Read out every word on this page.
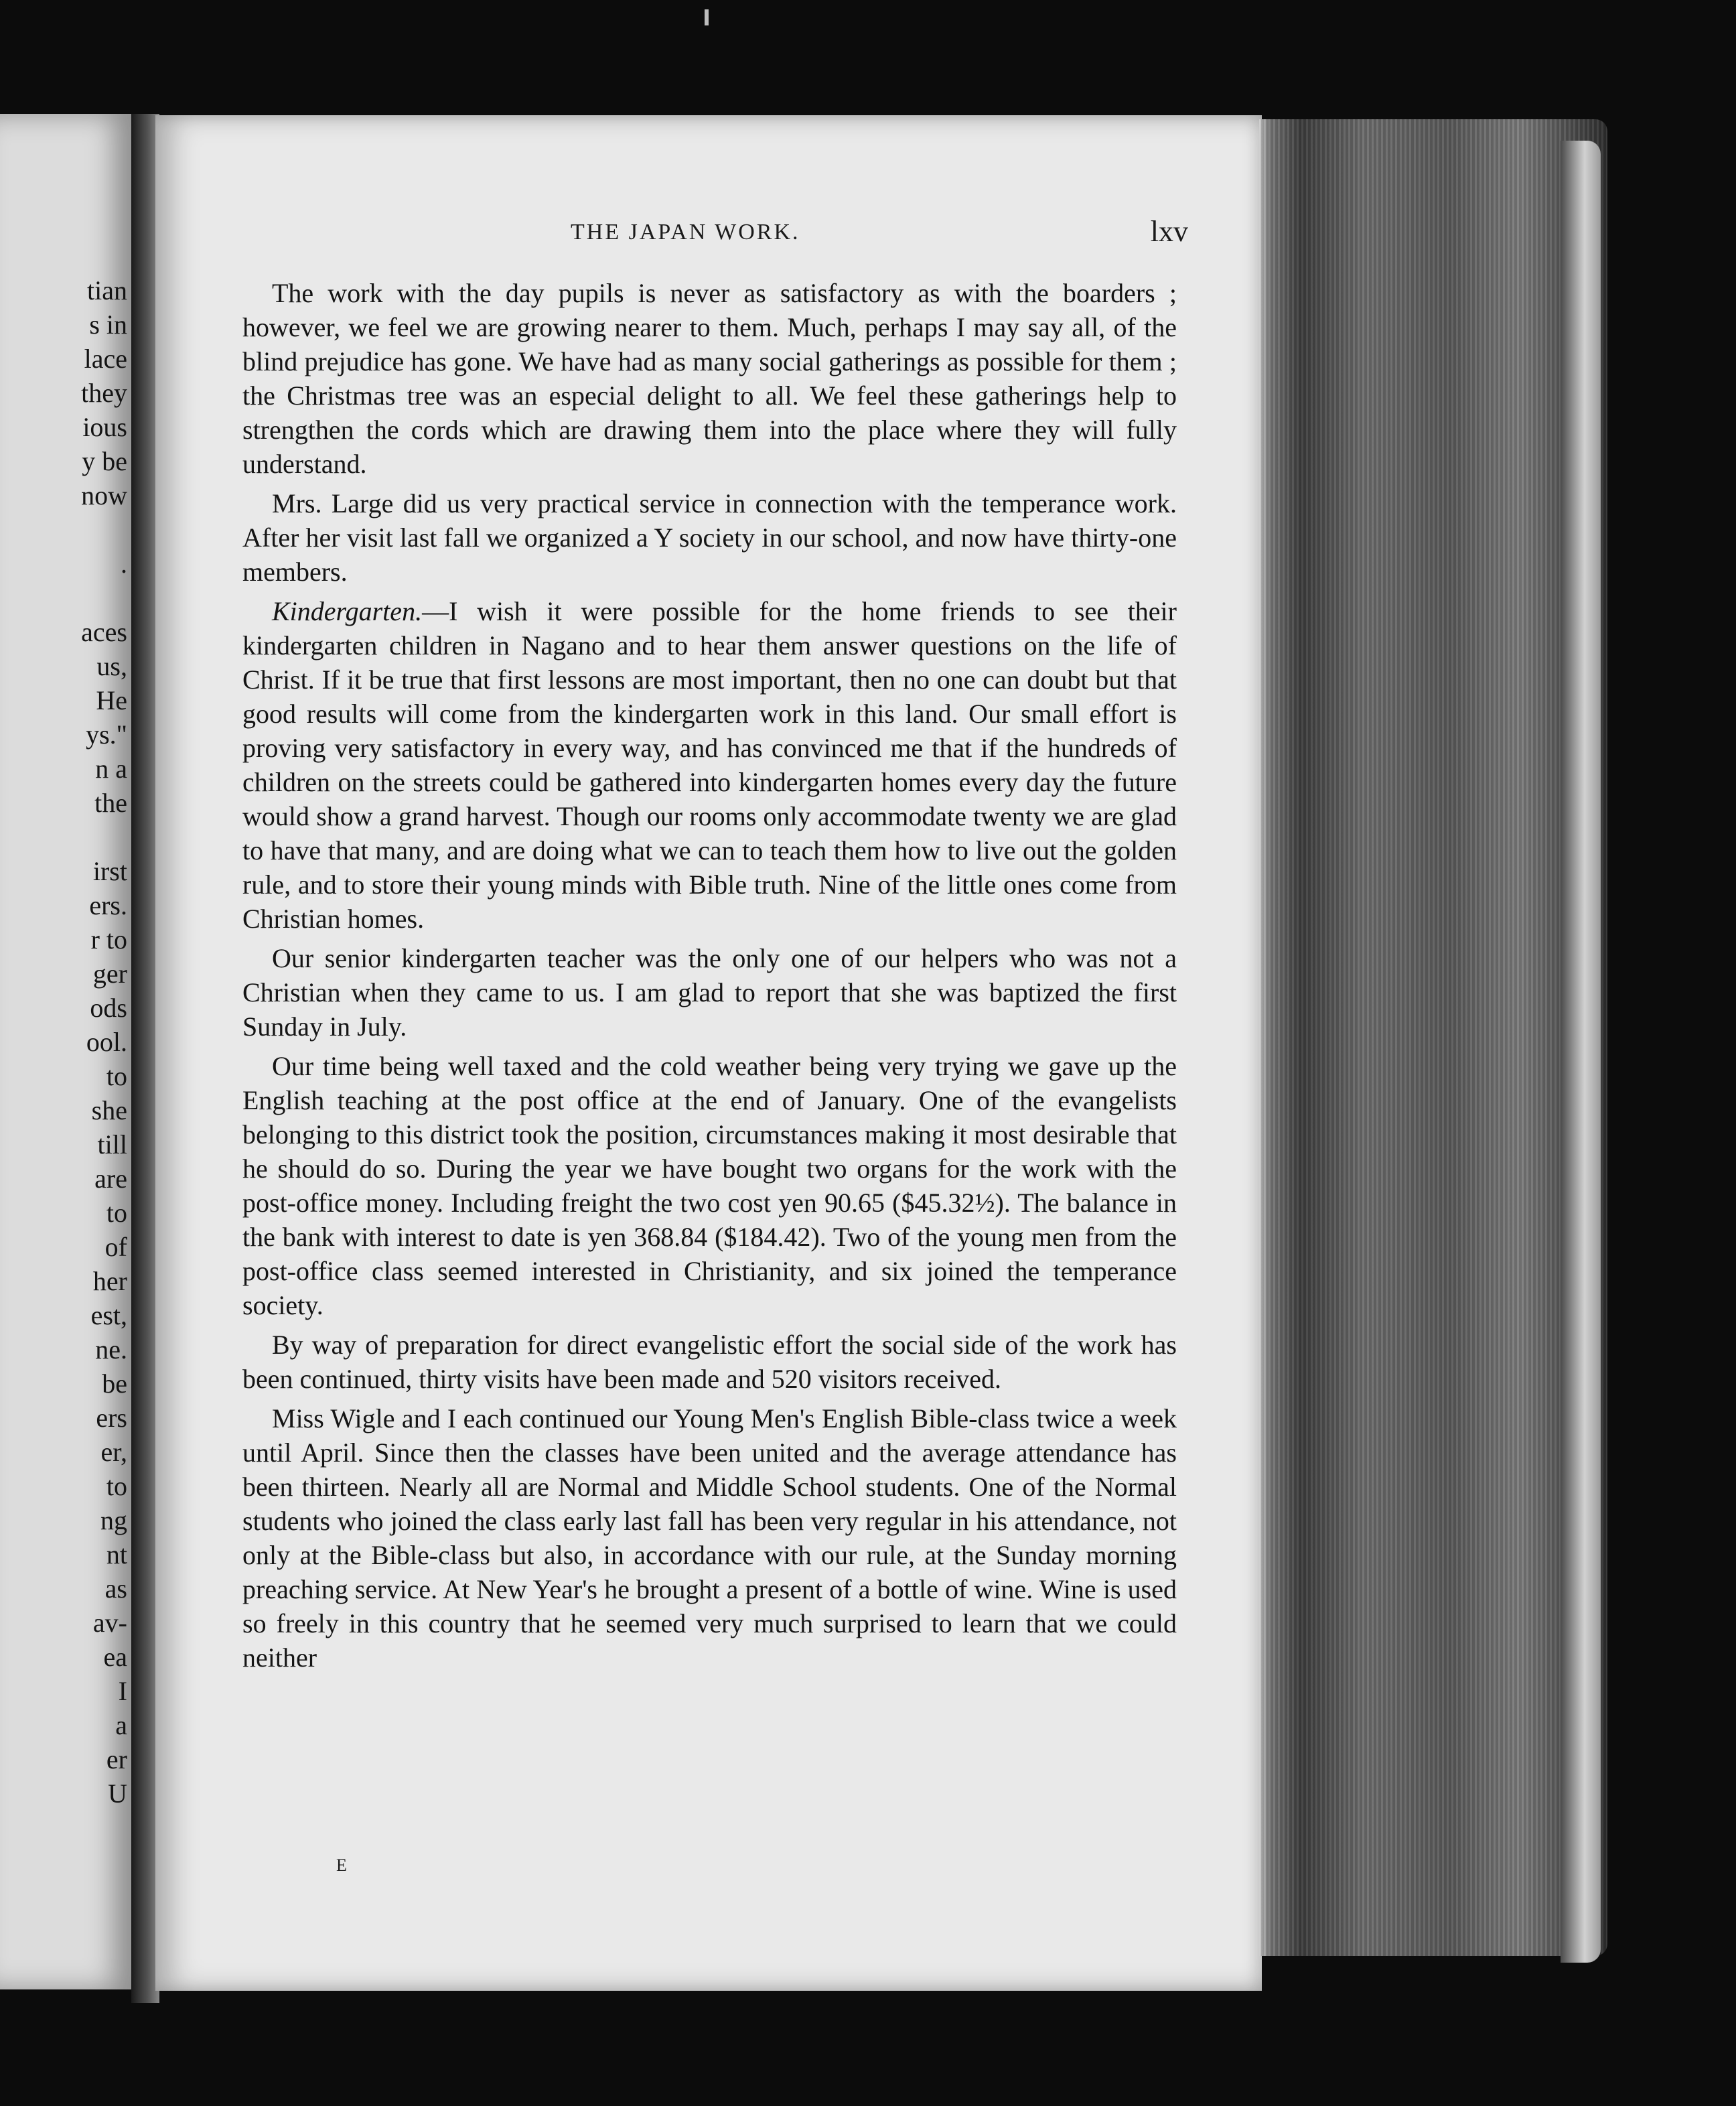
tian
s in
lace
they
ious
y be
now
.
aces
us,
He
ys."
n a
the
irst
ers.
r to
ger
ods
ool.
to
she
till
are
to
of
her
est,
ne.
be
ers
er,
to
ng
nt
as
av-
ea
I
a
er
U
THE JAPAN WORK.	lxv

The work with the day pupils is never as satisfactory as with the boarders ; however, we feel we are growing nearer to them. Much, perhaps I may say all, of the blind prejudice has gone. We have had as many social gatherings as possible for them ; the Christmas tree was an especial delight to all. We feel these gatherings help to strengthen the cords which are drawing them into the place where they will fully understand.

Mrs. Large did us very practical service in connection with the temperance work. After her visit last fall we organized a Y society in our school, and now have thirty-one members.

Kindergarten.—I wish it were possible for the home friends to see their kindergarten children in Nagano and to hear them answer questions on the life of Christ. If it be true that first lessons are most important, then no one can doubt but that good results will come from the kindergarten work in this land. Our small effort is proving very satisfactory in every way, and has convinced me that if the hundreds of children on the streets could be gathered into kindergarten homes every day the future would show a grand harvest. Though our rooms only accommodate twenty we are glad to have that many, and are doing what we can to teach them how to live out the golden rule, and to store their young minds with Bible truth. Nine of the little ones come from Christian homes.

Our senior kindergarten teacher was the only one of our helpers who was not a Christian when they came to us. I am glad to report that she was baptized the first Sunday in July.

Our time being well taxed and the cold weather being very trying we gave up the English teaching at the post office at the end of January. One of the evangelists belonging to this district took the position, circumstances making it most desirable that he should do so. During the year we have bought two organs for the work with the post-office money. Including freight the two cost yen 90.65 ($45.32½). The balance in the bank with interest to date is yen 368.84 ($184.42). Two of the young men from the post-office class seemed interested in Christianity, and six joined the temperance society.

By way of preparation for direct evangelistic effort the social side of the work has been continued, thirty visits have been made and 520 visitors received.

Miss Wigle and I each continued our Young Men's English Bible-class twice a week until April. Since then the classes have been united and the average attendance has been thirteen. Nearly all are Normal and Middle School students. One of the Normal students who joined the class early last fall has been very regular in his attendance, not only at the Bible-class but also, in accordance with our rule, at the Sunday morning preaching service. At New Year's he brought a present of a bottle of wine. Wine is used so freely in this country that he seemed very much surprised to learn that we could neither

E
